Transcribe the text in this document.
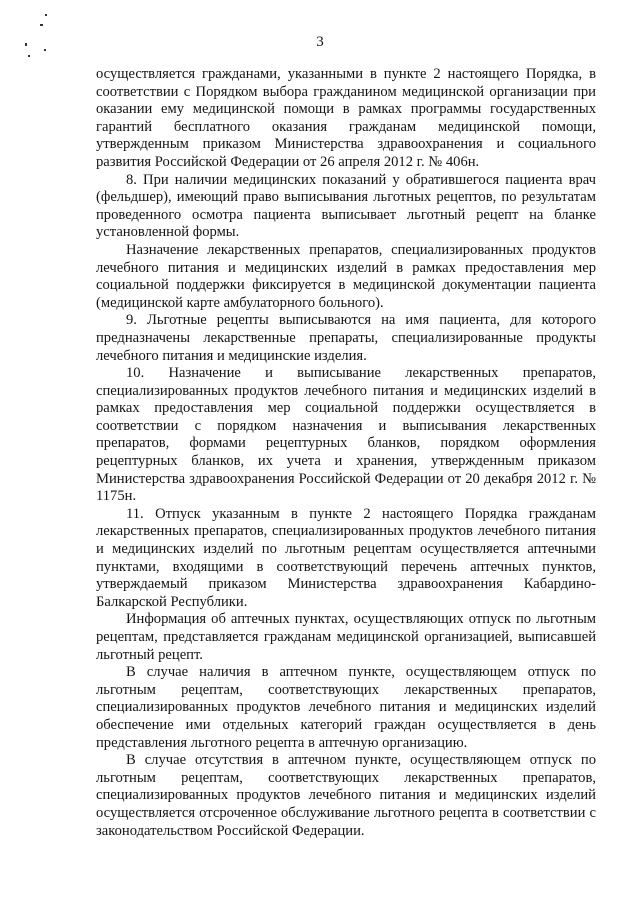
3

осуществляется гражданами, указанными в пункте 2 настоящего Порядка, в соответствии с Порядком выбора гражданином медицинской организации при оказании ему медицинской помощи в рамках программы государственных гарантий бесплатного оказания гражданам медицинской помощи, утвержденным приказом Министерства здравоохранения и социального развития Российской Федерации от 26 апреля 2012 г. № 406н.

8. При наличии медицинских показаний у обратившегося пациента врач (фельдшер), имеющий право выписывания льготных рецептов, по результатам проведенного осмотра пациента выписывает льготный рецепт на бланке установленной формы.

Назначение лекарственных препаратов, специализированных продуктов лечебного питания и медицинских изделий в рамках предоставления мер социальной поддержки фиксируется в медицинской документации пациента (медицинской карте амбулаторного больного).

9. Льготные рецепты выписываются на имя пациента, для которого предназначены лекарственные препараты, специализированные продукты лечебного питания и медицинские изделия.

10. Назначение и выписывание лекарственных препаратов, специализированных продуктов лечебного питания и медицинских изделий в рамках предоставления мер социальной поддержки осуществляется в соответствии с порядком назначения и выписывания лекарственных препаратов, формами рецептурных бланков, порядком оформления рецептурных бланков, их учета и хранения, утвержденным приказом Министерства здравоохранения Российской Федерации от 20 декабря 2012 г. № 1175н.

11. Отпуск указанным в пункте 2 настоящего Порядка гражданам лекарственных препаратов, специализированных продуктов лечебного питания и медицинских изделий по льготным рецептам осуществляется аптечными пунктами, входящими в соответствующий перечень аптечных пунктов, утверждаемый приказом Министерства здравоохранения Кабардино-Балкарской Республики.

Информация об аптечных пунктах, осуществляющих отпуск по льготным рецептам, представляется гражданам медицинской организацией, выписавшей льготный рецепт.

В случае наличия в аптечном пункте, осуществляющем отпуск по льготным рецептам, соответствующих лекарственных препаратов, специализированных продуктов лечебного питания и медицинских изделий обеспечение ими отдельных категорий граждан осуществляется в день представления льготного рецепта в аптечную организацию.

В случае отсутствия в аптечном пункте, осуществляющем отпуск по льготным рецептам, соответствующих лекарственных препаратов, специализированных продуктов лечебного питания и медицинских изделий осуществляется отсроченное обслуживание льготного рецепта в соответствии с законодательством Российской Федерации.
